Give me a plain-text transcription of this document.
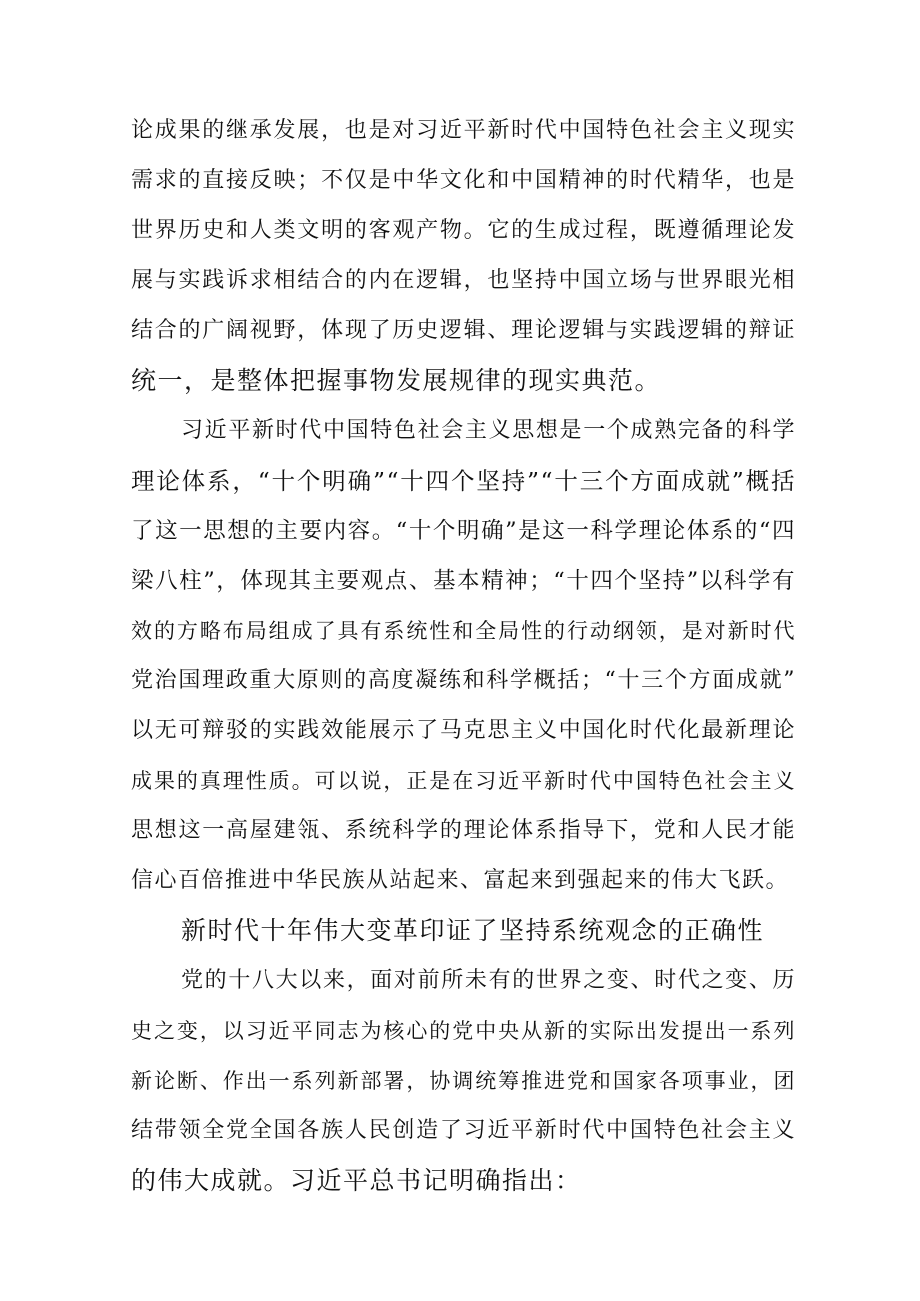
论成果的继承发展，也是对习近平新时代中国特色社会主义现实
需求的直接反映；不仅是中华文化和中国精神的时代精华，也是
世界历史和人类文明的客观产物。它的生成过程，既遵循理论发
展与实践诉求相结合的内在逻辑，也坚持中国立场与世界眼光相
结合的广阔视野，体现了历史逻辑、理论逻辑与实践逻辑的辩证
统一，是整体把握事物发展规律的现实典范。
习近平新时代中国特色社会主义思想是一个成熟完备的科学
理论体系，“十个明确”“十四个坚持”“十三个方面成就”概括
了这一思想的主要内容。“十个明确”是这一科学理论体系的“四
梁八柱”，体现其主要观点、基本精神；“十四个坚持”以科学有
效的方略布局组成了具有系统性和全局性的行动纲领，是对新时代
党治国理政重大原则的高度凝练和科学概括；“十三个方面成就”
以无可辩驳的实践效能展示了马克思主义中国化时代化最新理论
成果的真理性质。可以说，正是在习近平新时代中国特色社会主义
思想这一高屋建瓴、系统科学的理论体系指导下，党和人民才能
信心百倍推进中华民族从站起来、富起来到强起来的伟大飞跃。
新时代十年伟大变革印证了坚持系统观念的正确性
党的十八大以来，面对前所未有的世界之变、时代之变、历
史之变，以习近平同志为核心的党中央从新的实际出发提出一系列
新论断、作出一系列新部署，协调统筹推进党和国家各项事业，团
结带领全党全国各族人民创造了习近平新时代中国特色社会主义
的伟大成就。习近平总书记明确指出：
